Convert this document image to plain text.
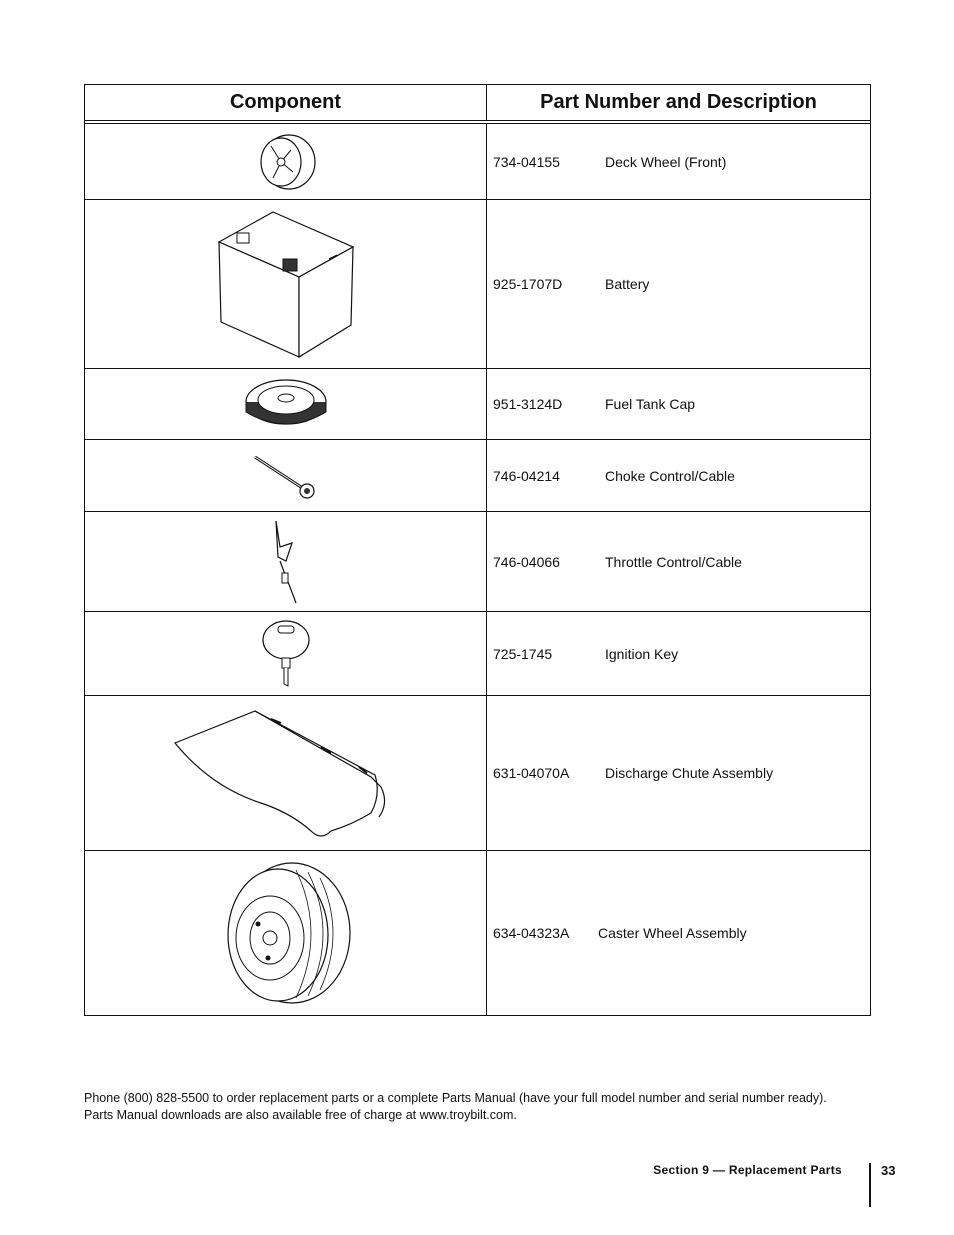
Component	Part Number and Description
734-04155	Deck Wheel (Front)
925-1707D	Battery
951-3124D	Fuel Tank Cap
746-04214	Choke Control/Cable
746-04066	Throttle Control/Cable
725-1745	Ignition Key
631-04070A	Discharge Chute Assembly
634-04323A	Caster Wheel Assembly
Phone (800) 828-5500 to order replacement parts or a complete Parts Manual (have your full model number and serial number ready).
Parts Manual downloads are also available free of charge at www.troybilt.com.
Section 9 — Replacement Parts	33
